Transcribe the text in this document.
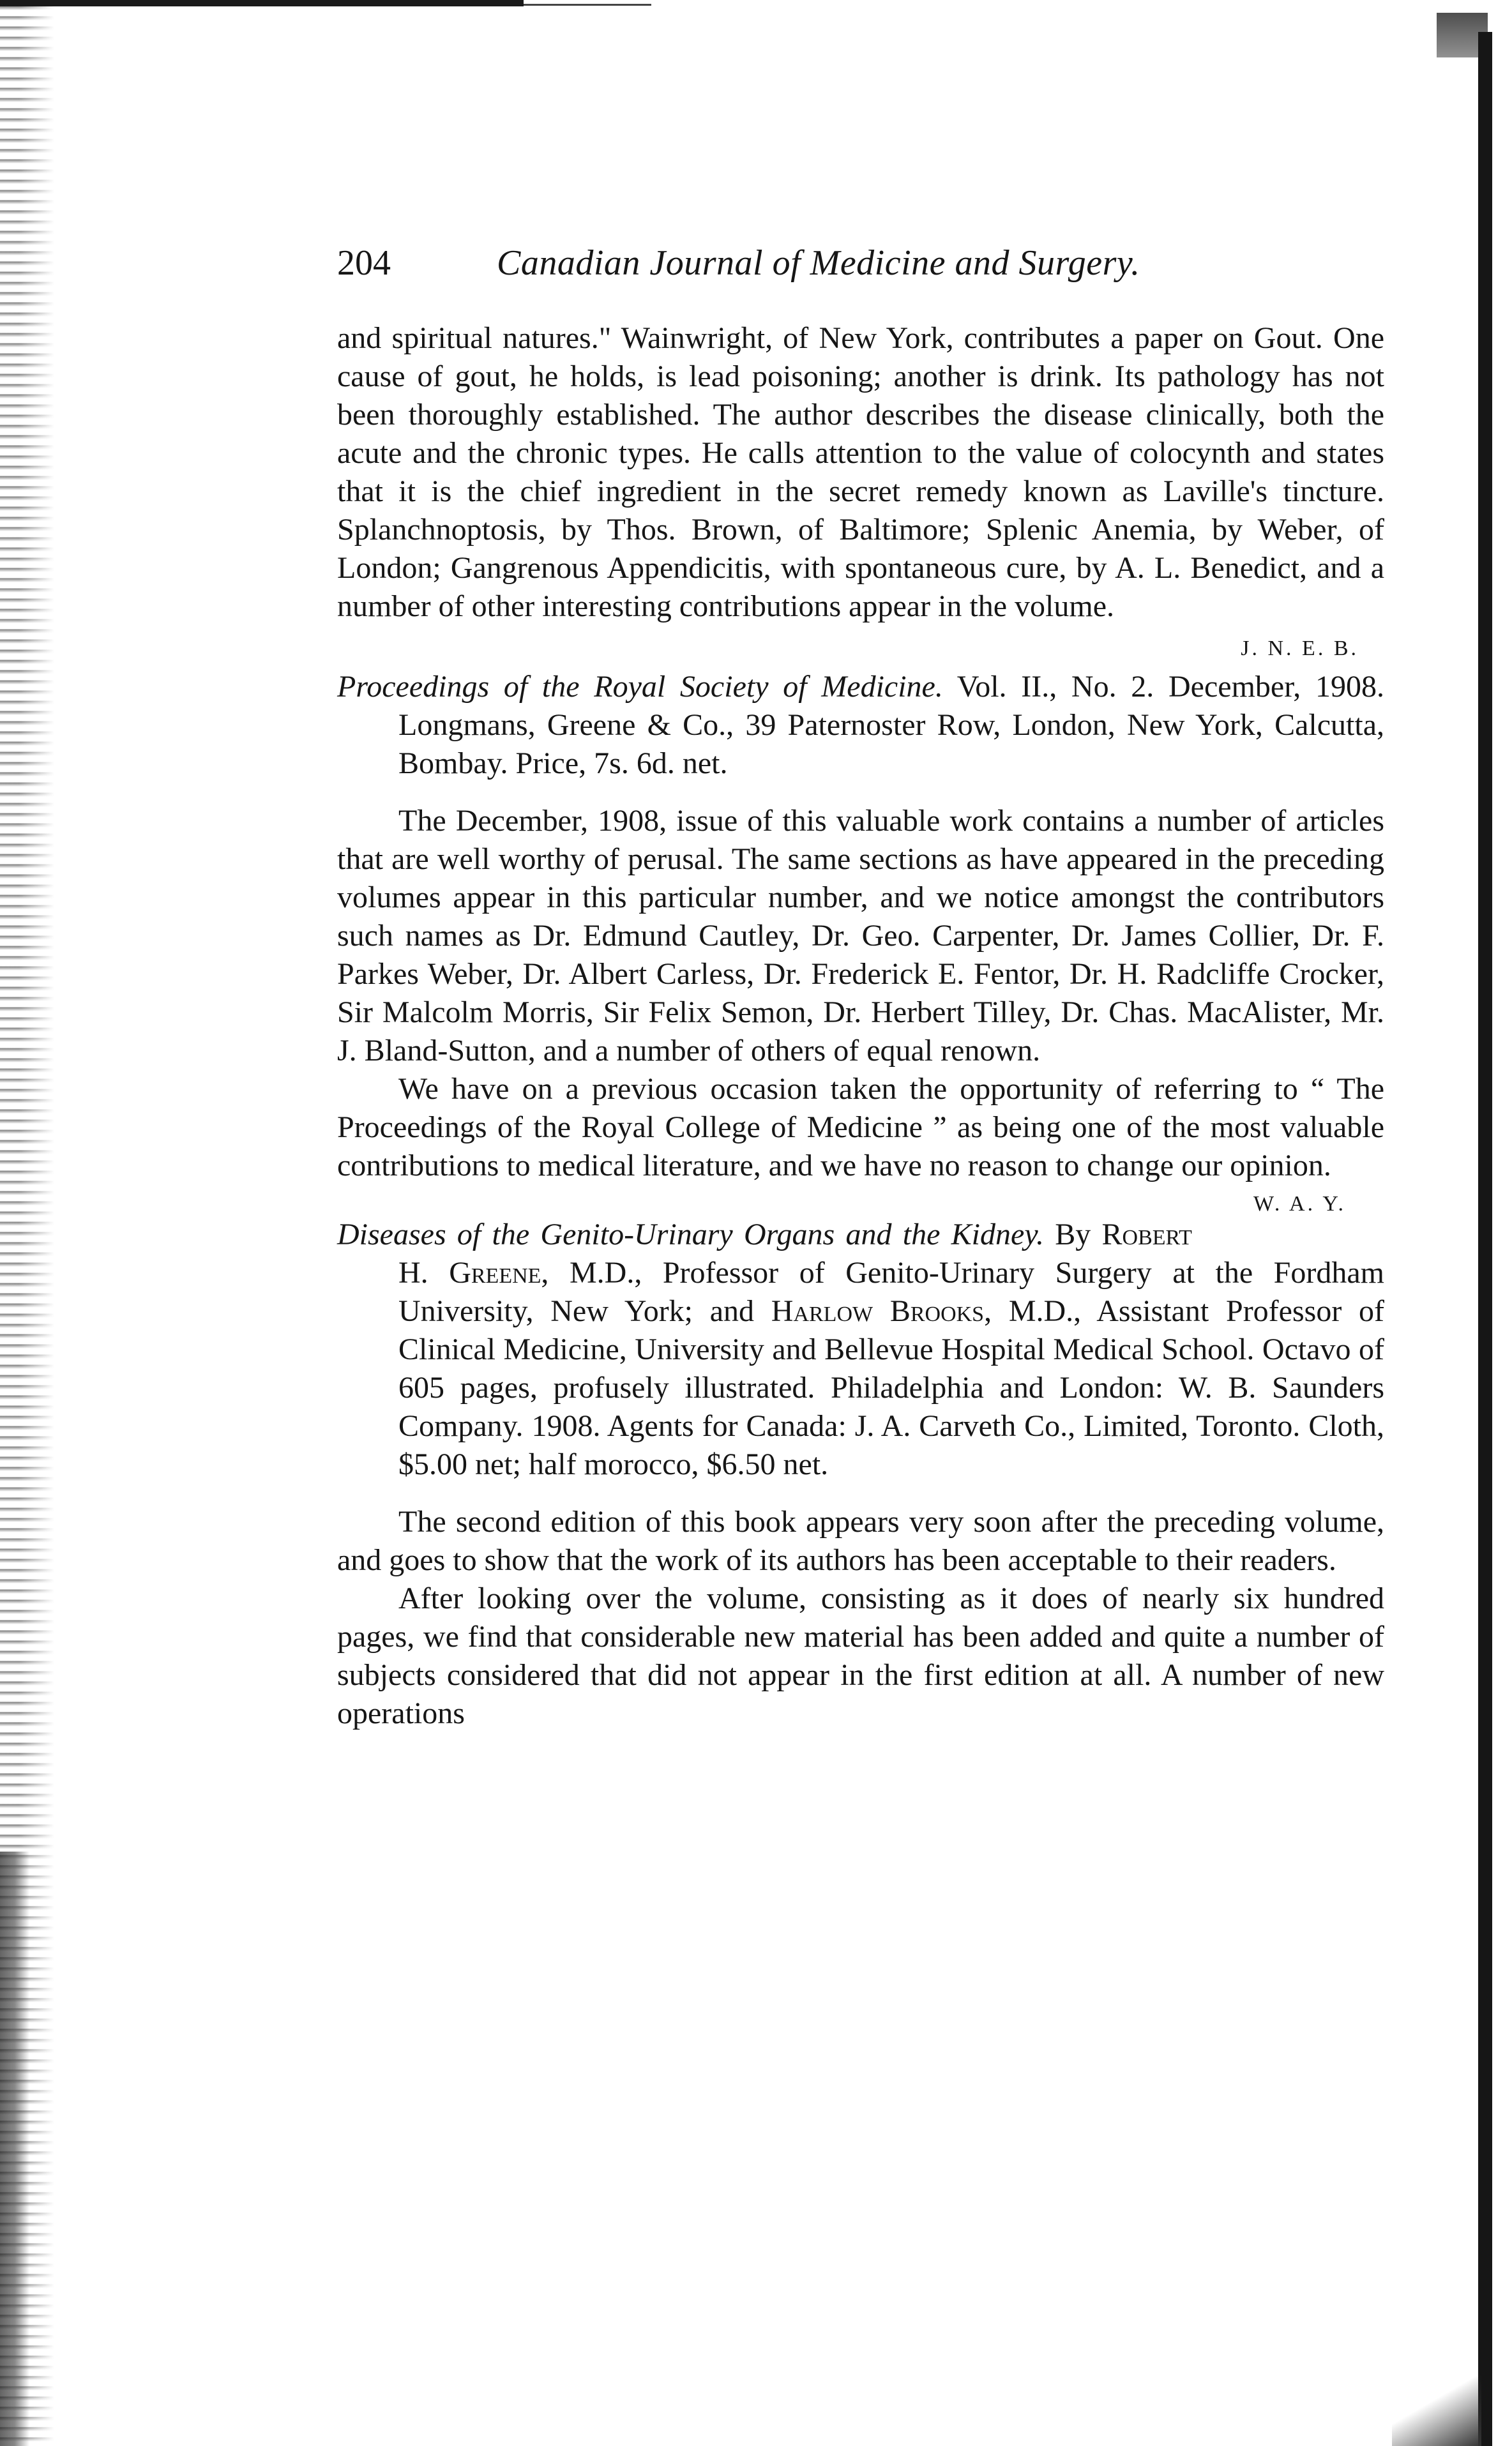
204	Canadian Journal of Medicine and Surgery.

and spiritual natures." Wainwright, of New York, contributes a paper on Gout. One cause of gout, he holds, is lead poisoning; another is drink. Its pathology has not been thoroughly established. The author describes the disease clinically, both the acute and the chronic types. He calls attention to the value of colocynth and states that it is the chief ingredient in the secret remedy known as Laville's tincture. Splanchnoptosis, by Thos. Brown, of Baltimore; Splenic Anemia, by Weber, of London; Gangrenous Appendicitis, with spontaneous cure, by A. L. Benedict, and a number of other interesting contributions appear in the volume.

J. N. E. B.

Proceedings of the Royal Society of Medicine. Vol. II., No. 2. December, 1908. Longmans, Greene & Co., 39 Paternoster Row, London, New York, Calcutta, Bombay. Price, 7s. 6d. net.

The December, 1908, issue of this valuable work contains a number of articles that are well worthy of perusal. The same sections as have appeared in the preceding volumes appear in this particular number, and we notice amongst the contributors such names as Dr. Edmund Cautley, Dr. Geo. Carpenter, Dr. James Collier, Dr. F. Parkes Weber, Dr. Albert Carless, Dr. Frederick E. Fentor, Dr. H. Radcliffe Crocker, Sir Malcolm Morris, Sir Felix Semon, Dr. Herbert Tilley, Dr. Chas. MacAlister, Mr. J. Bland-Sutton, and a number of others of equal renown.

We have on a previous occasion taken the opportunity of referring to “ The Proceedings of the Royal College of Medicine ” as being one of the most valuable contributions to medical literature, and we have no reason to change our opinion.
W. A. Y.

Diseases of the Genito-Urinary Organs and the Kidney. By Robert H. Greene, M.D., Professor of Genito-Urinary Surgery at the Fordham University, New York; and Harlow Brooks, M.D., Assistant Professor of Clinical Medicine, University and Bellevue Hospital Medical School. Octavo of 605 pages, profusely illustrated. Philadelphia and London: W. B. Saunders Company. 1908. Agents for Canada: J. A. Carveth Co., Limited, Toronto. Cloth, $5.00 net; half morocco, $6.50 net.

The second edition of this book appears very soon after the preceding volume, and goes to show that the work of its authors has been acceptable to their readers.

After looking over the volume, consisting as it does of nearly six hundred pages, we find that considerable new material has been added and quite a number of subjects considered that did not appear in the first edition at all. A number of new operations
